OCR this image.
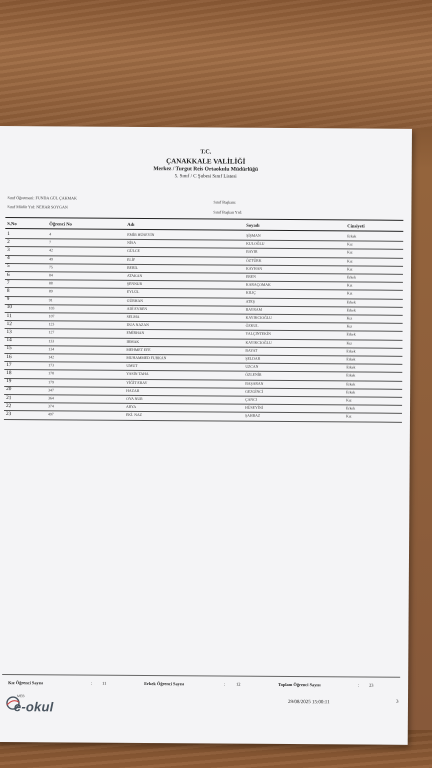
T.C.
ÇANAKKALE VALİLİĞİ
Merkez / Turgut Reis Ortaokulu Müdürlüğü
5. Sınıf / C Şubesi Sınıf Listesi
Sınıf Öğretmeni: FUNDA GÜL ÇAKMAK
Sınıf Müdür Yrd: NEHAR SOYGAN
Sınıf Başkanı:
Sınıf Başkan Yrd:
S.No	Öğrenci No	Adı	Soyadı	Cinsiyeti
1	4	EMİR HÜSEYİN	ŞİŞMAN	Erkek
2	7	NİSA	KULOĞLU	Kız
3	42	GÜLCE	BAYIR	Kız
4	49	ELİF	ÖZTÜRK	Kız
5	75	BERİL	KAYHAN	Kız
6	84	ATAKAN	EREN	Erkek
7	88	ŞENNUR	KARAÇOMAK	Kız
8	89	EYLÜL	KILIÇ	Kız
9	91	GÜRHAN	ATEŞ	Erkek
10	103	ADİ EVREN	BAYRAM	Erkek
11	107	SELMA	KAYIKCIOĞLU	Kız
12	123	DUA NAZAN	ÖZKUL	Kız
13	127	EMİRHAN	YALÇINTEKİN	Erkek
14	133	IRMAK	KAYIKCIOĞLU	Kız
15	134	MEHMET EFE	BAYAT	Erkek
16	142	MUHAMMED FURKAN	ŞELDAR	Erkek
17	173	UMUT	UZCAN	Erkek
18	178	YASİN TAHA	ÖZLENİR	Erkek
19	179	YİĞİT ERAY	BAŞARAN	Erkek
20	347	HAZAR	GEZGİNCİ	Erkek
21	364	OYA NUR	ÇANCI	Kız
22	374	ARYA	HÜSEYİNİ	Erkek
23	497	EKİ. NAZ	ŞAHBAZ	Kız
Kız Öğrenci Sayısı	: 11	Erkek Öğrenci Sayısı	: 12	Toplam Öğrenci Sayısı	: 23
MEB
e-okul	29/08/2025 15:00:11	3
